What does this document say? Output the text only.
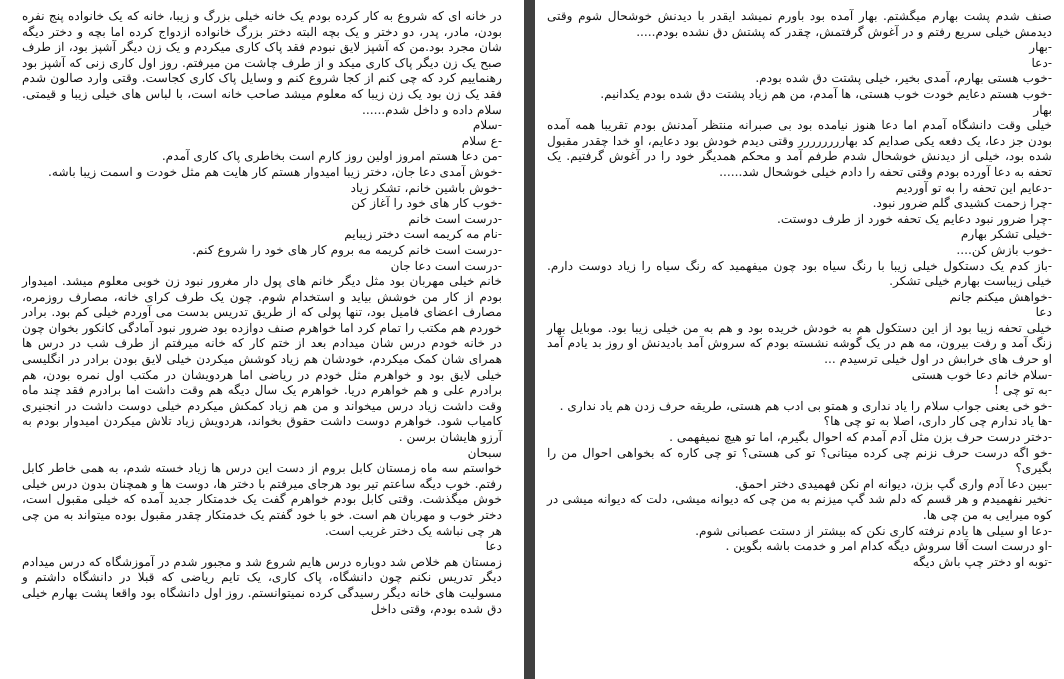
در خانه ای که شروع به کار کرده بودم یک خانه خیلی بزرگ و زیبا، خانه که یک خانواده پنج نفره بودن، مادر، پدر، دو دختر و یک بچه البته دختر بزرگ خانواده ازدواج کرده اما بچه و دختر دیگه شان مجرد بود.من که آشپز لایق نبودم فقد پاک کاری میکردم و یک زن دیگر آشپز بود، از طرف صبح یک زن دیگر پاک کاری میکد و از طرف چاشت من میرفتم. روز اول کاری زنی که آشپز بود رهنماییم کرد که چی کنم از کجا شروع کنم و وسایل پاک کاری کجاست. وقتی وارد صالون شدم فقد یک زن بود یک زن زیبا که معلوم میشد صاحب خانه است، با لباس های خیلی زیبا و قیمتی. سلام داده و داخل شدم......

-سلام

-ع سلام

-من دعا هستم امروز اولین روز کارم است بخاطری پاک کاری آمدم.

-خوش آمدی دعا جان، دختر زیبا امیدوار هستم کار هایت هم مثل خودت و اسمت زیبا باشه.

-خوش باشین خانم، تشکر زیاد

-خوب کار های خود را آغاز کن

-درست است خانم

-نام مه کریمه است دختر زیبایم

-درست است خانم کریمه مه بروم کار های خود را شروع کنم.

-درست است دعا جان

خانم خیلی مهربان بود مثل دیگر خانم های پول دار مغرور نبود زن خوبی معلوم میشد. امیدوار بودم از کار من خوشش بیاید و استخدام شوم. چون یک طرف کرای خانه، مصارف روزمره، مصارف اعضای فامیل بود، تنها پولی که از طریق تدریس بدست می آوردم خیلی کم بود. برادر خوردم هم مکتب را تمام کرد اما خواهرم صنف دوازده بود ضرور نبود آمادگی کانکور بخوان چون در خانه خودم درس شان میدادم بعد از ختم کار که خانه میرفتم از طرف شب در درس ها همرای شان کمک میکردم، خودشان هم زیاد کوشش میکردن خیلی لایق بودن برادر در انگلیسی خیلی لایق بود و خواهرم مثل خودم در ریاضی اما هردویشان در مکتب اول نمره بودن، هم برادرم علی و هم خواهرم دریا. خواهرم یک سال دیگه هم وقت داشت اما برادرم فقد چند ماه وقت داشت زیاد درس میخواند و من هم زیاد کمکش میکردم خیلی دوست داشت در انجنیری کامیاب شود. خواهرم دوست داشت حقوق بخواند، هردویش زیاد تلاش میکردن امیدوار بودم به آرزو هایشان برسن .

سبحان

خواستم سه ماه زمستان کابل بروم از دست این درس ها زیاد خسته شدم، به همی خاطر کابل رفتم. خوب دیگه ساعتم تیر بود هرجای میرفتم با دختر ها، دوست ها و همچنان بدون درس خیلی خوش میگذشت. وقتی کابل بودم خواهرم گفت یک خدمتکار جدید آمده که خیلی مقبول است، دختر خوب و مهربان هم است. خو با خود گفتم یک خدمتکار چقدر مقبول بوده میتواند به من چی هر چی نباشه یک دختر غریب است.

دعا

زمستان هم خلاص شد دوباره درس هایم شروع شد و مجبور شدم در آموزشگاه که درس میدادم دیگر تدریس نکنم چون دانشگاه، پاک کاری، یک تایم ریاضی که قبلا در دانشگاه داشتم و مسولیت های خانه دیگر رسیدگی کرده نمیتوانستم. روز اول دانشگاه بود واقعا پشت بهارم خیلی دق شده بودم، وقتی داخل

صنف شدم پشت بهارم میگشتم. بهار آمده بود باورم نمیشد ایقدر با دیدنش خوشحال شوم وقتی دیدمش خیلی سریع رفتم و در آغوش گرفتمش، چقدر که پشتش دق نشده بودم.....

-بهار

-دعا

-خوب هستی بهارم، آمدی بخیر، خیلی پشتت دق شده بودم.

-خوب هستم دعایم خودت خوب هستی، ها آمدم، من هم زیاد پشتت دق شده بودم یکدانیم.

بهار

خیلی وقت دانشگاه آمدم اما دعا هنوز نیامده بود بی صبرانه منتظر آمدنش بودم تقریبا همه آمده بودن جز دعا، یک دفعه یکی صدایم کد بهارررررررر وقتی دیدم خودش بود دعایم، او خدا چقدر مقبول شده بود، خیلی از دیدنش خوشحال شدم طرفم آمد و محکم همدیگر خود را در آغوش گرفتیم. یک تحفه به دعا آورده بودم وقتی تحفه را دادم خیلی خوشحال شد......

-دعایم این تحفه را به تو آوردیم

-چرا زحمت کشیدی گلم ضرور نبود.

-چرا ضرور نبود دعایم یک تحفه خورد از طرف دوستت.

-خیلی تشکر بهارم

-خوب بازش کن....

-باز کدم یک دستکول خیلی زیبا با رنگ سیاه بود چون میفهمید که رنگ سیاه را زیاد دوست دارم. خیلی زیباست بهارم خیلی تشکر.

-خواهش میکنم جانم

دعا

خیلی تحفه زیبا بود از این دستکول هم به خودش خریده بود و هم به من خیلی زیبا بود. موبایل بهار زنگ آمد و رفت بیرون، مه هم در یک گوشه نشسته بودم که سروش آمد بادیدنش او روز بد یادم آمد او حرف های خرابش در اول خیلی ترسیدم ...

-سلام خانم دعا خوب هستی

-به تو چی !

-خو خی یعنی جواب سلام را یاد نداری و همتو بی ادب هم هستی، طریقه حرف زدن هم یاد نداری .

-ها یاد ندارم چی کار داری، اصلا به تو چی ها؟

-دختر درست حرف بزن مثل آدم آمدم که احوال بگیرم، اما تو هیچ نمیفهمی .

-خو اگه درست حرف نزنم چی کرده میتانی؟ تو کی هستی؟ تو چی کاره که بخواهی احوال من را بگیری؟

-ببین دعا آدم واری گپ بزن، دیوانه ام نکن فهمیدی دختر احمق.

-نخیر نفهمیدم و هر قسم که دلم شد گپ میزنم به من چی که دیوانه میشی، دلت که دیوانه میشی در کوه میرایی به من چی ها.

-دعا او سیلی ها یادم نرفته کاری نکن که بیشتر از دستت عصبانی شوم.

-او درست است آقا سروش دیگه کدام امر و خدمت باشه بگوین .

-توبه او دختر چپ باش دیگه
